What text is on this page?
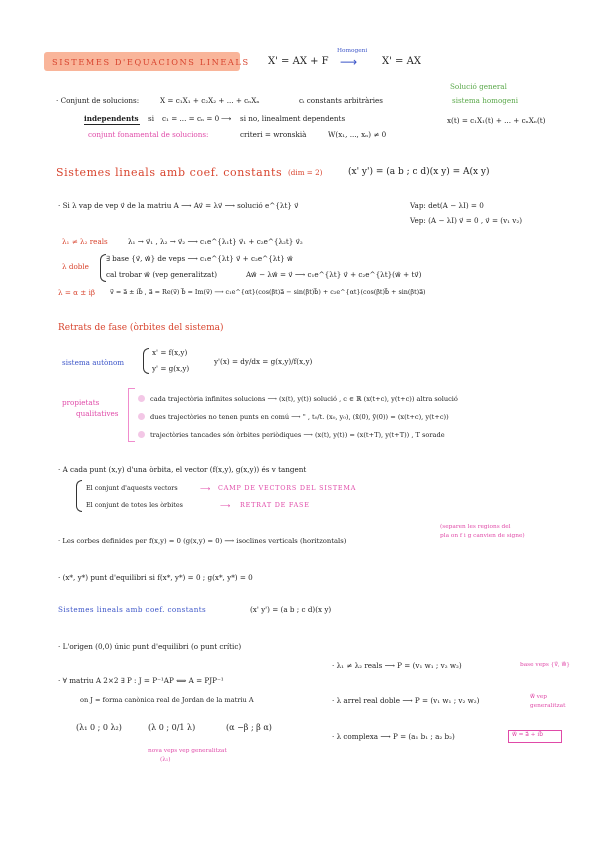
SISTEMES D'EQUACIONS LINEALS X' = AX + F
Homogeni
X' = AX
⟶
Solució general
sistema homogeni
· Conjunt de solucions:	X = c₁X₁ + c₂X₂ + ... + cₙXₙ	cᵢ constants arbitràries
independents si c₁ = ... = cₙ = 0 ⟶ si no, linealment dependents	x(t) = c₁X₁(t) + ... + cₙXₙ(t)
conjunt fonamental de solucions:	criteri = wronskià	W(x₁, ..., xₙ) ≠ 0
Sistemes lineals amb coef. constants (dim = 2)	(x' y') = (a b ; c d)(x y) = A(x y)
· Si λ vap de vep v⃗ de la matriu A ⟶ Av⃗ = λv⃗ ⟶ solució e^{λt} v⃗	Vap: det(A − λI) = 0
Vep: (A − λI) v⃗ = 0 , v⃗ = (v₁ v₂)
λ₁ ≠ λ₂ reals	λ₁ → v⃗₁ , λ₂ → v⃗₂ ⟶ c₁e^{λ₁t} v⃗₁ + c₂e^{λ₂t} v⃗₂
λ doble
∃ base {v⃗, w⃗} de veps ⟶ c₁e^{λt} v⃗ + c₂e^{λt} w⃗
cal trobar w⃗ (vep generalitzat)	Aw⃗ − λw⃗ = v⃗ ⟶ c₁e^{λt} v⃗ + c₂e^{λt}(w⃗ + tv⃗)
λ = α ± iβ v⃗ = a⃗ ± ib⃗ , a⃗ = Re(v⃗) b⃗ = Im(v⃗) ⟶ c₁e^{αt}(cos(βt)a⃗ − sin(βt)b⃗) + c₂e^{αt}(cos(βt)b⃗ + sin(βt)a⃗)
Retrats de fase (òrbites del sistema)
sistema autònom
x' = f(x,y)
y' = g(x,y)
y'(x) = dy/dx = g(x,y)/f(x,y)
propietats
qualitatives
cada trajectòria infinites solucions ⟶ (x(t), y(t)) solució , c ∈ ℝ (x(t+c), y(t+c)) altra solució
dues trajectòries no tenen punts en comú ⟶ " , t₀/t. (x₀, y₀), (x̃(0), ỹ(0)) = (x(t+c), y(t+c))
trajectòries tancades són òrbites periòdiques ⟶ (x(t), y(t)) = (x(t+T), y(t+T)) , T sorade
· A cada punt (x,y) d'una òrbita, el vector (f(x,y), g(x,y)) és v tangent
El conjunt d'aquests vectors	⟶ CAMP DE VECTORS DEL SISTEMA
El conjunt de totes les òrbites	⟶ RETRAT DE FASE
(separen les regions del
pla on f i g canvien de signe)
· Les corbes definides per f(x,y) = 0 (g(x,y) = 0) ⟶ isoclines verticals (horitzontals)
· (x*, y*) punt d'equilibri si f(x*, y*) = 0 ; g(x*, y*) = 0
Sistemes lineals amb coef. constants	(x' y') = (a b ; c d)(x y)
· L'origen (0,0) únic punt d'equilibri (o punt crític)
· ∀ matriu A 2×2 ∃ P : J = P⁻¹AP ⟺ A = PJP⁻¹
on J = forma canònica real de Jordan de la matriu A
(λ₁ 0 ; 0 λ₂)	(λ 0 ; 0/1 λ)	(α −β ; β α)
nova veps vep generalitzat
(λ₁)
· λ₁ ≠ λ₂ reals ⟶ P = (v₁ w₁ ; v₂ w₂)	base veps {v⃗, w⃗}
· λ arrel real doble ⟶ P = (v₁ w₁ ; v₂ w₂)	w⃗ vep
generalitzat
· λ complexa ⟶ P = (a₁ b₁ ; a₂ b₂)	w⃗ = a⃗ + ib⃗
